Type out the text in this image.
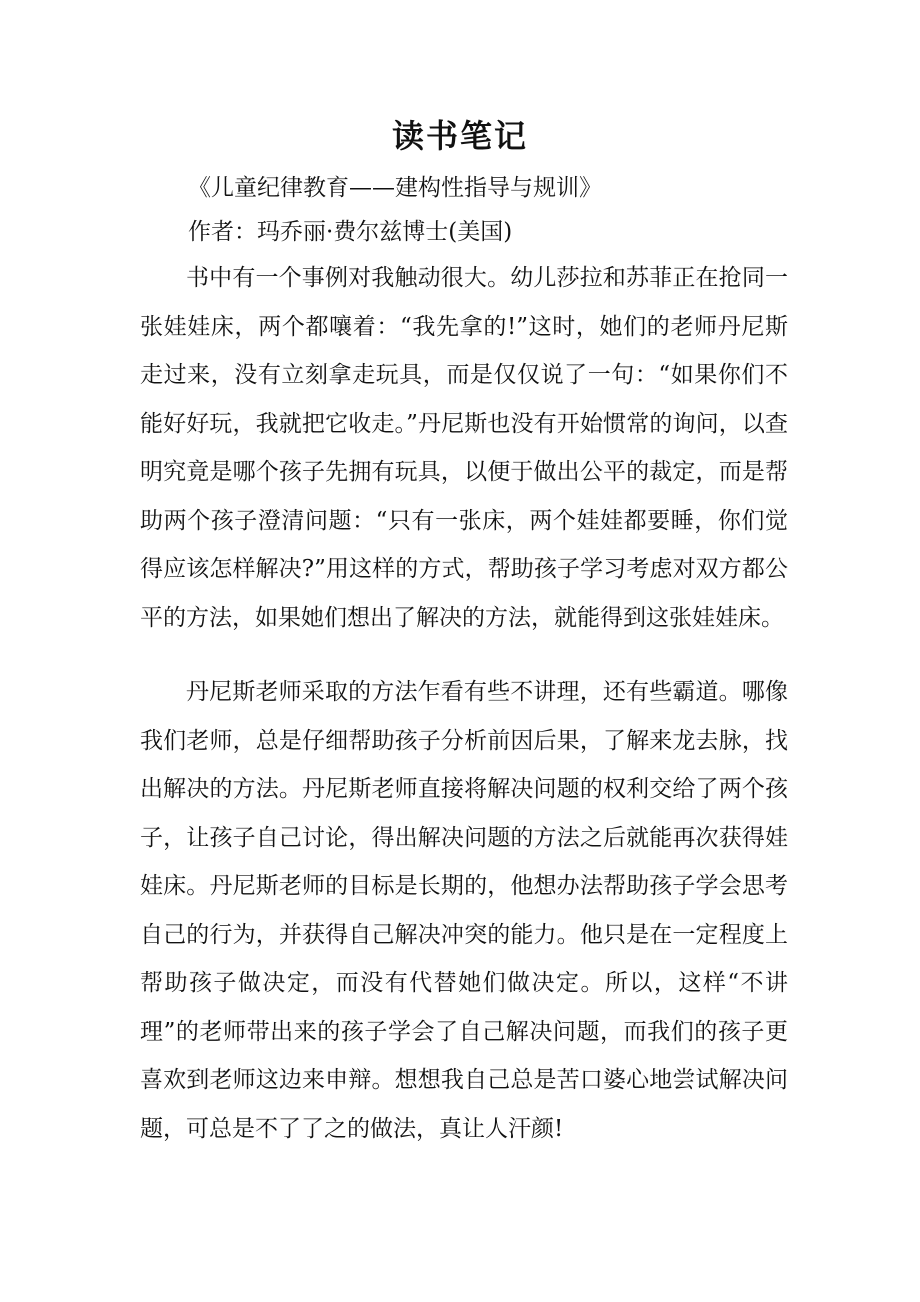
读书笔记
《儿童纪律教育——建构性指导与规训》
作者：玛乔丽·费尔兹博士(美国)

书中有一个事例对我触动很大。幼儿莎拉和苏菲正在抢同一张娃娃床，两个都嚷着：“我先拿的!”这时，她们的老师丹尼斯走过来，没有立刻拿走玩具，而是仅仅说了一句：“如果你们不能好好玩，我就把它收走。”丹尼斯也没有开始惯常的询问，以查明究竟是哪个孩子先拥有玩具，以便于做出公平的裁定，而是帮助两个孩子澄清问题：“只有一张床，两个娃娃都要睡，你们觉得应该怎样解决?”用这样的方式，帮助孩子学习考虑对双方都公平的方法，如果她们想出了解决的方法，就能得到这张娃娃床。

丹尼斯老师采取的方法乍看有些不讲理，还有些霸道。哪像我们老师，总是仔细帮助孩子分析前因后果，了解来龙去脉，找出解决的方法。丹尼斯老师直接将解决问题的权利交给了两个孩子，让孩子自己讨论，得出解决问题的方法之后就能再次获得娃娃床。丹尼斯老师的目标是长期的，他想办法帮助孩子学会思考自己的行为，并获得自己解决冲突的能力。他只是在一定程度上帮助孩子做决定，而没有代替她们做决定。所以，这样“不讲理”的老师带出来的孩子学会了自己解决问题，而我们的孩子更喜欢到老师这边来申辩。想想我自己总是苦口婆心地尝试解决问题，可总是不了了之的做法，真让人汗颜!
